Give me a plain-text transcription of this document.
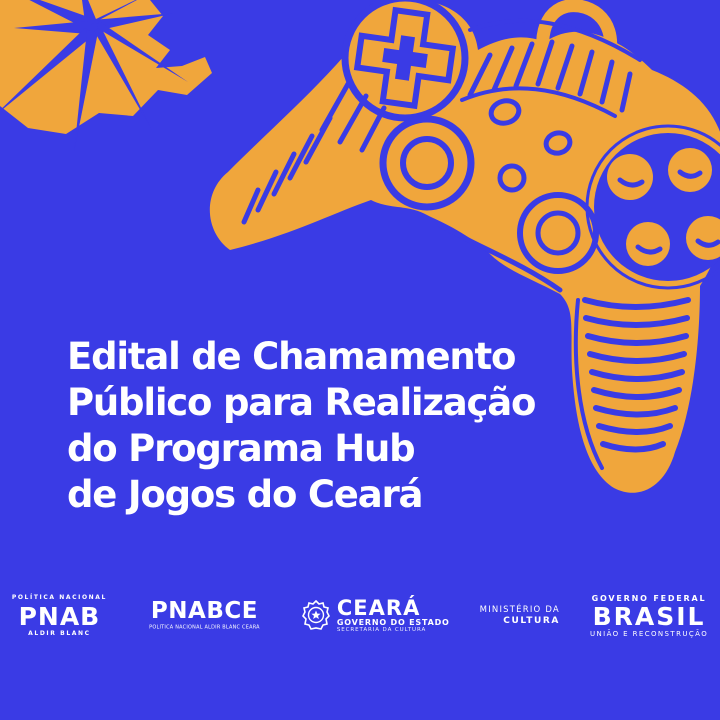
Edital de Chamamento
Público para Realização
do Programa Hub
de Jogos do Ceará
POLÍTICA NACIONAL
PNAB
ALDIR BLANC
PNABCE
POLÍTICA NACIONAL ALDIR BLANC CEARÁ
CEARÁ
GOVERNO DO ESTADO
SECRETARIA DA CULTURA
MINISTÉRIO DA
CULTURA
GOVERNO FEDERAL
BRASIL
UNIÃO E RECONSTRUÇÃO
